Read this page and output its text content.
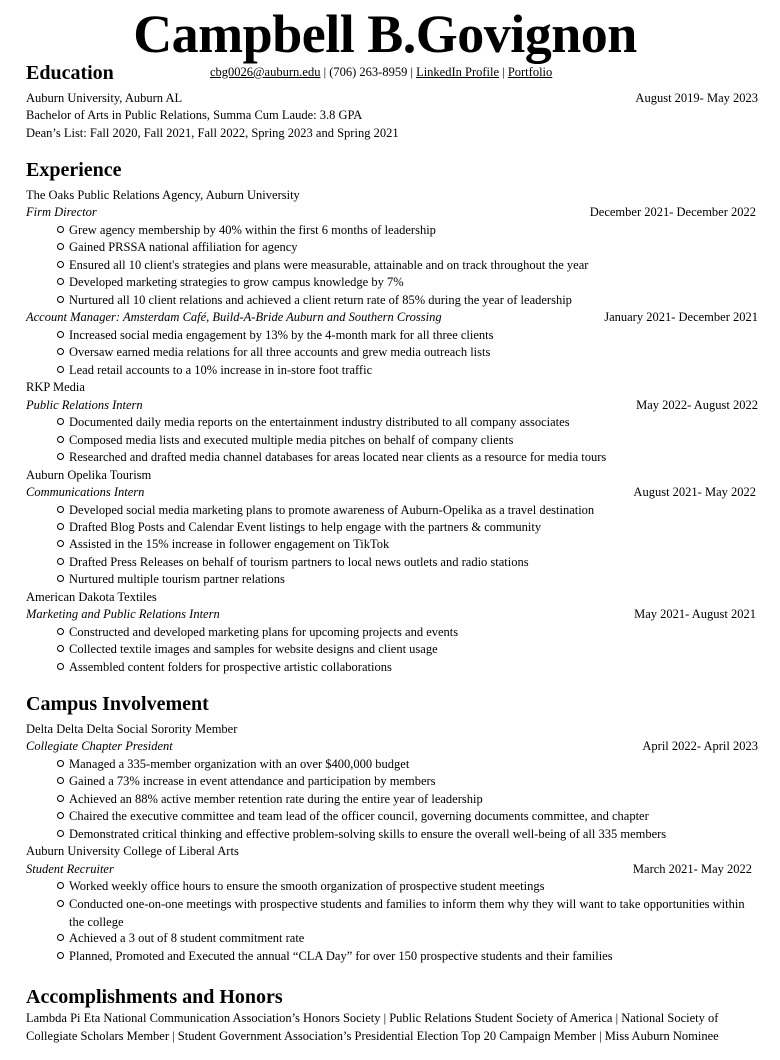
Campbell B.Govignon
cbg0026@auburn.edu | (706) 263-8959 | LinkedIn Profile | Portfolio
Education
Auburn University, Auburn AL	August 2019- May 2023
Bachelor of Arts in Public Relations, Summa Cum Laude: 3.8 GPA
Dean’s List: Fall 2020, Fall 2021, Fall 2022, Spring 2023 and Spring 2021
Experience
The Oaks Public Relations Agency, Auburn University
Firm Director	December 2021- December 2022
Grew agency membership by 40% within the first 6 months of leadership
Gained PRSSA national affiliation for agency
Ensured all 10 client's strategies and plans were measurable, attainable and on track throughout the year
Developed marketing strategies to grow campus knowledge by 7%
Nurtured all 10 client relations and achieved a client return rate of 85% during the year of leadership
Account Manager: Amsterdam Café, Build-A-Bride Auburn and Southern Crossing	January 2021- December 2021
Increased social media engagement by 13% by the 4-month mark for all three clients
Oversaw earned media relations for all three accounts and grew media outreach lists
Lead retail accounts to a 10% increase in in-store foot traffic
RKP Media
Public Relations Intern	May 2022- August 2022
Documented daily media reports on the entertainment industry distributed to all company associates
Composed media lists and executed multiple media pitches on behalf of company clients
Researched and drafted media channel databases for areas located near clients as a resource for media tours
Auburn Opelika Tourism
Communications Intern	August 2021- May 2022
Developed social media marketing plans to promote awareness of Auburn-Opelika as a travel destination
Drafted Blog Posts and Calendar Event listings to help engage with the partners & community
Assisted in the 15% increase in follower engagement on TikTok
Drafted Press Releases on behalf of tourism partners to local news outlets and radio stations
Nurtured multiple tourism partner relations
American Dakota Textiles
Marketing and Public Relations Intern	May 2021- August 2021
Constructed and developed marketing plans for upcoming projects and events
Collected textile images and samples for website designs and client usage
Assembled content folders for prospective artistic collaborations
Campus Involvement
Delta Delta Delta Social Sorority Member
Collegiate Chapter President	April 2022- April 2023
Managed a 335-member organization with an over $400,000 budget
Gained a 73% increase in event attendance and participation by members
Achieved an 88% active member retention rate during the entire year of leadership
Chaired the executive committee and team lead of the officer council, governing documents committee, and chapter
Demonstrated critical thinking and effective problem-solving skills to ensure the overall well-being of all 335 members
Auburn University College of Liberal Arts
Student Recruiter	March 2021- May 2022
Worked weekly office hours to ensure the smooth organization of prospective student meetings
Conducted one-on-one meetings with prospective students and families to inform them why they will want to take opportunities within the college
Achieved a 3 out of 8 student commitment rate
Planned, Promoted and Executed the annual “CLA Day” for over 150 prospective students and their families
Accomplishments and Honors
Lambda Pi Eta National Communication Association’s Honors Society | Public Relations Student Society of America | National Society of Collegiate Scholars Member | Student Government Association’s Presidential Election Top 20 Campaign Member | Miss Auburn Nominee
